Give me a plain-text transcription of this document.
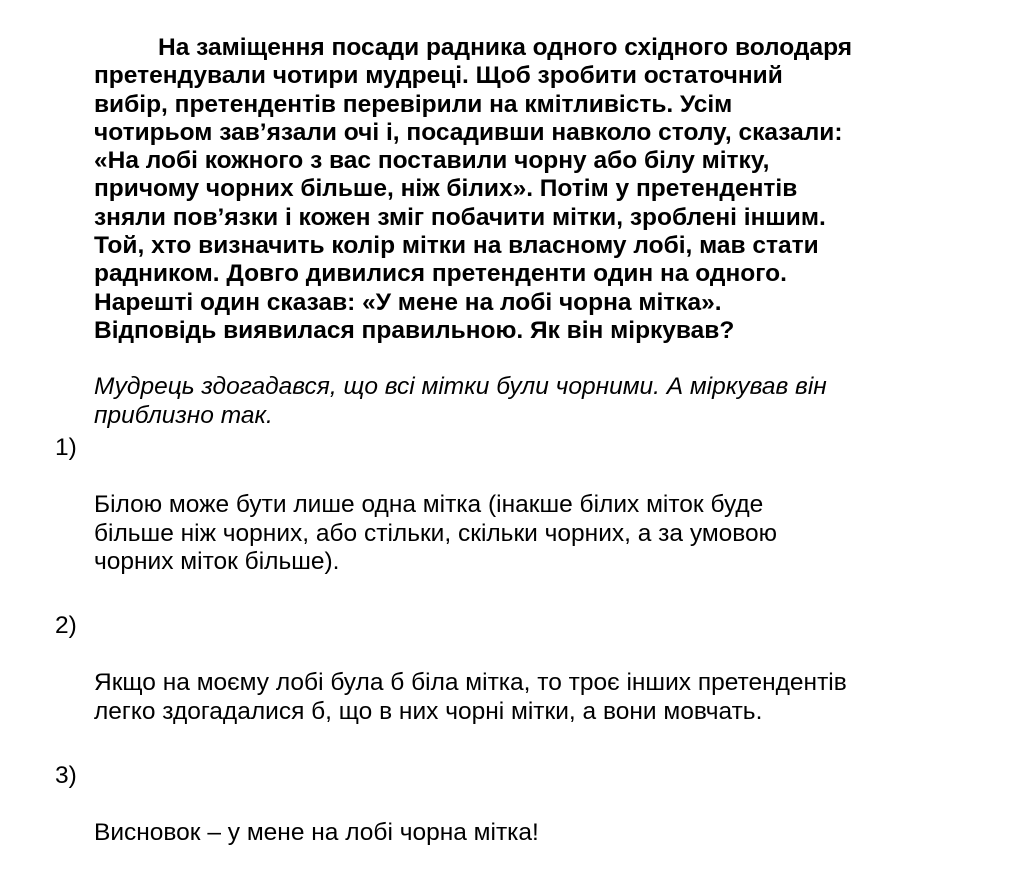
На заміщення посади радника одного східного володаря
претендували чотири мудреці. Щоб зробити остаточний
вибір, претендентів перевірили на кмітливість. Усім
чотирьом зав’язали очі і, посадивши навколо столу, сказали:
«На лобі кожного з вас поставили чорну або білу мітку,
причому чорних більше, ніж білих». Потім у претендентів
зняли пов’язки і кожен зміг побачити мітки, зроблені іншим.
Той, хто визначить колір мітки на власному лобі, мав стати
радником. Довго дивилися претенденти один на одного.
Нарешті один сказав: «У мене на лобі чорна мітка».
Відповідь виявилася правильною. Як він міркував?

Мудрець здогадався, що всі мітки були чорними. А міркував він
приблизно так.

1)

Білою може бути лише одна мітка (інакше білих міток буде
більше ніж чорних, або стільки, скільки чорних, а за умовою
чорних міток більше).

2)

Якщо на моєму лобі була б біла мітка, то троє інших претендентів
легко здогадалися б, що в них чорні мітки, а вони мовчать.

3)

Висновок – у мене на лобі чорна мітка!
